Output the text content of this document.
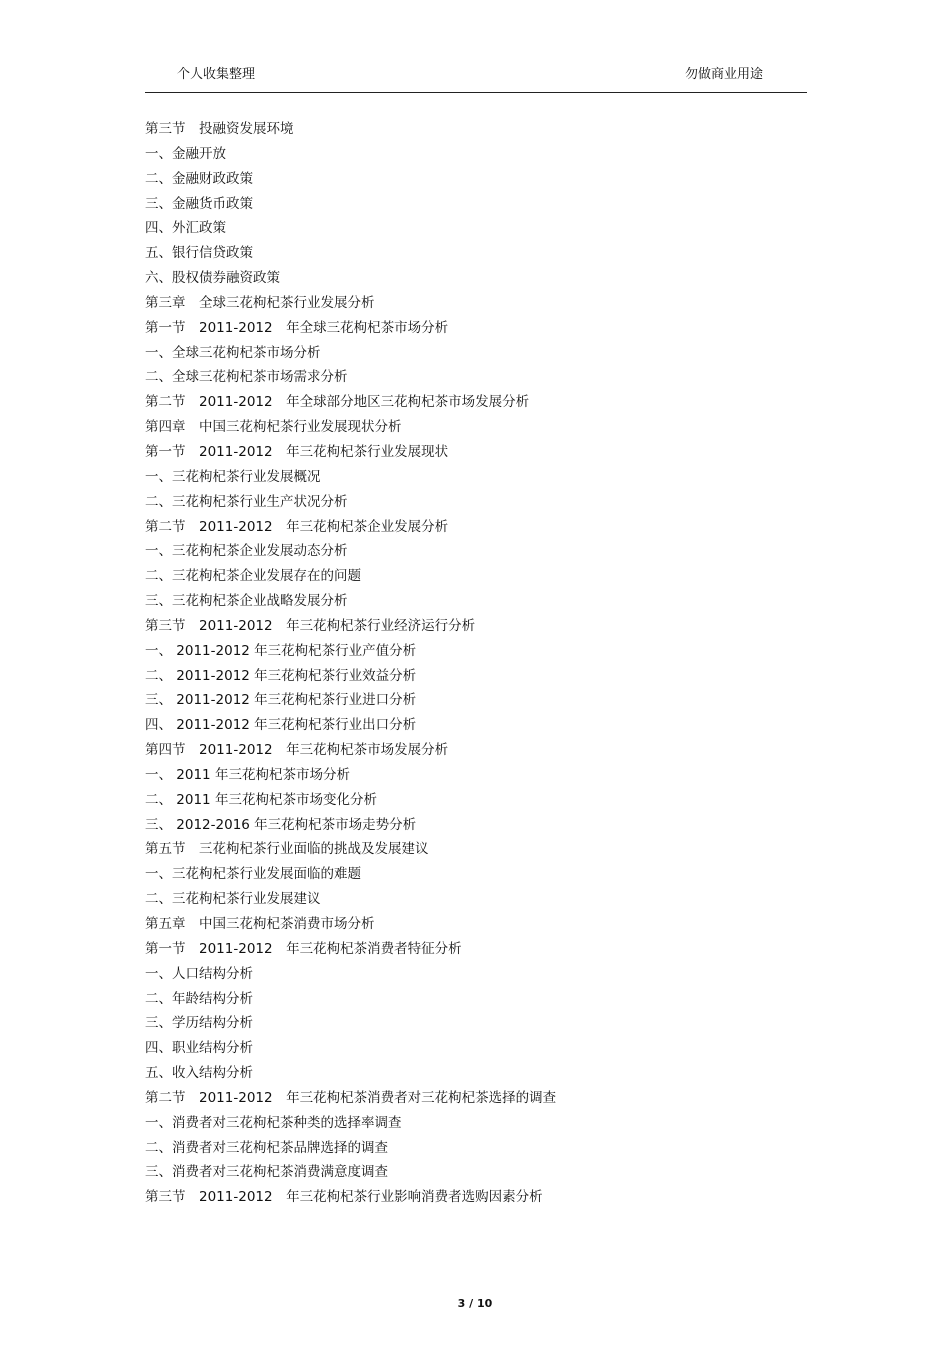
个人收集整理	勿做商业用途
第三节　投融资发展环境
一、金融开放
二、金融财政政策
三、金融货币政策
四、外汇政策
五、银行信贷政策
六、股权债券融资政策
第三章　全球三花枸杞茶行业发展分析
第一节　2011-2012　年全球三花枸杞茶市场分析
一、全球三花枸杞茶市场分析
二、全球三花枸杞茶市场需求分析
第二节　2011-2012　年全球部分地区三花枸杞茶市场发展分析
第四章　中国三花枸杞茶行业发展现状分析
第一节　2011-2012　年三花枸杞茶行业发展现状
一、三花枸杞茶行业发展概况
二、三花枸杞茶行业生产状况分析
第二节　2011-2012　年三花枸杞茶企业发展分析
一、三花枸杞茶企业发展动态分析
二、三花枸杞茶企业发展存在的问题
三、三花枸杞茶企业战略发展分析
第三节　2011-2012　年三花枸杞茶行业经济运行分析
一、 2011-2012 年三花枸杞茶行业产值分析
二、 2011-2012 年三花枸杞茶行业效益分析
三、 2011-2012 年三花枸杞茶行业进口分析
四、 2011-2012 年三花枸杞茶行业出口分析
第四节　2011-2012　年三花枸杞茶市场发展分析
一、 2011 年三花枸杞茶市场分析
二、 2011 年三花枸杞茶市场变化分析
三、 2012-2016 年三花枸杞茶市场走势分析
第五节　三花枸杞茶行业面临的挑战及发展建议
一、三花枸杞茶行业发展面临的难题
二、三花枸杞茶行业发展建议
第五章　中国三花枸杞茶消费市场分析
第一节　2011-2012　年三花枸杞茶消费者特征分析
一、人口结构分析
二、年龄结构分析
三、学历结构分析
四、职业结构分析
五、收入结构分析
第二节　2011-2012　年三花枸杞茶消费者对三花枸杞茶选择的调查
一、消费者对三花枸杞茶种类的选择率调查
二、消费者对三花枸杞茶品牌选择的调查
三、消费者对三花枸杞茶消费满意度调查
第三节　2011-2012　年三花枸杞茶行业影响消费者选购因素分析
3 / 10
